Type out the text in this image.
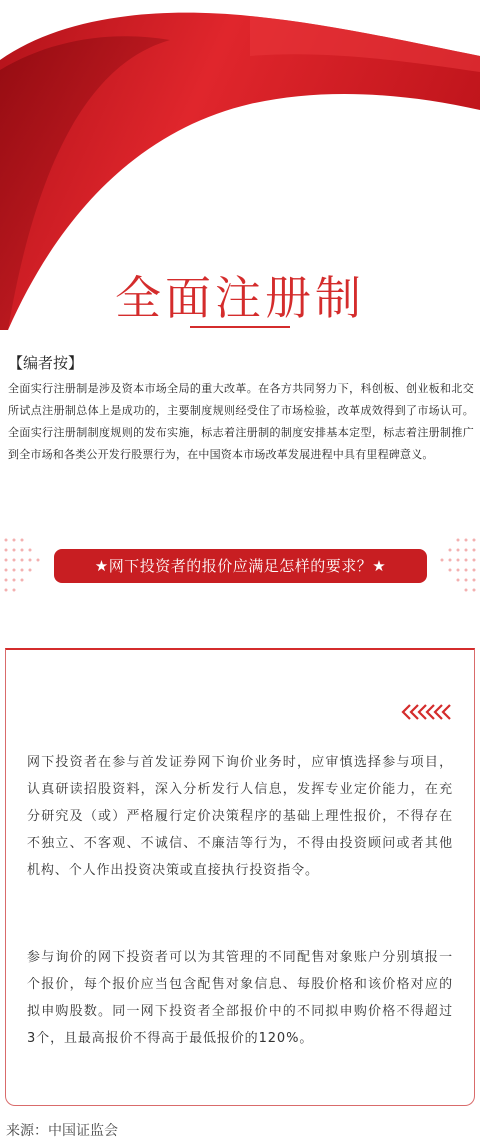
全面注册制
【编者按】
全面实行注册制是涉及资本市场全局的重大改革。在各方共同努力下，科创板、创业板和北交所试点注册制总体上是成功的，主要制度规则经受住了市场检验，改革成效得到了市场认可。全面实行注册制制度规则的发布实施，标志着注册制的制度安排基本定型，标志着注册制推广到全市场和各类公开发行股票行为，在中国资本市场改革发展进程中具有里程碑意义。
★网下投资者的报价应满足怎样的要求？★
网下投资者在参与首发证券网下询价业务时，应审慎选择参与项目，认真研读招股资料，深入分析发行人信息，发挥专业定价能力，在充分研究及（或）严格履行定价决策程序的基础上理性报价，不得存在不独立、不客观、不诚信、不廉洁等行为，不得由投资顾问或者其他机构、个人作出投资决策或直接执行投资指令。
参与询价的网下投资者可以为其管理的不同配售对象账户分别填报一个报价，每个报价应当包含配售对象信息、每股价格和该价格对应的拟申购股数。同一网下投资者全部报价中的不同拟申购价格不得超过3个，且最高报价不得高于最低报价的120%。
来源：中国证监会
